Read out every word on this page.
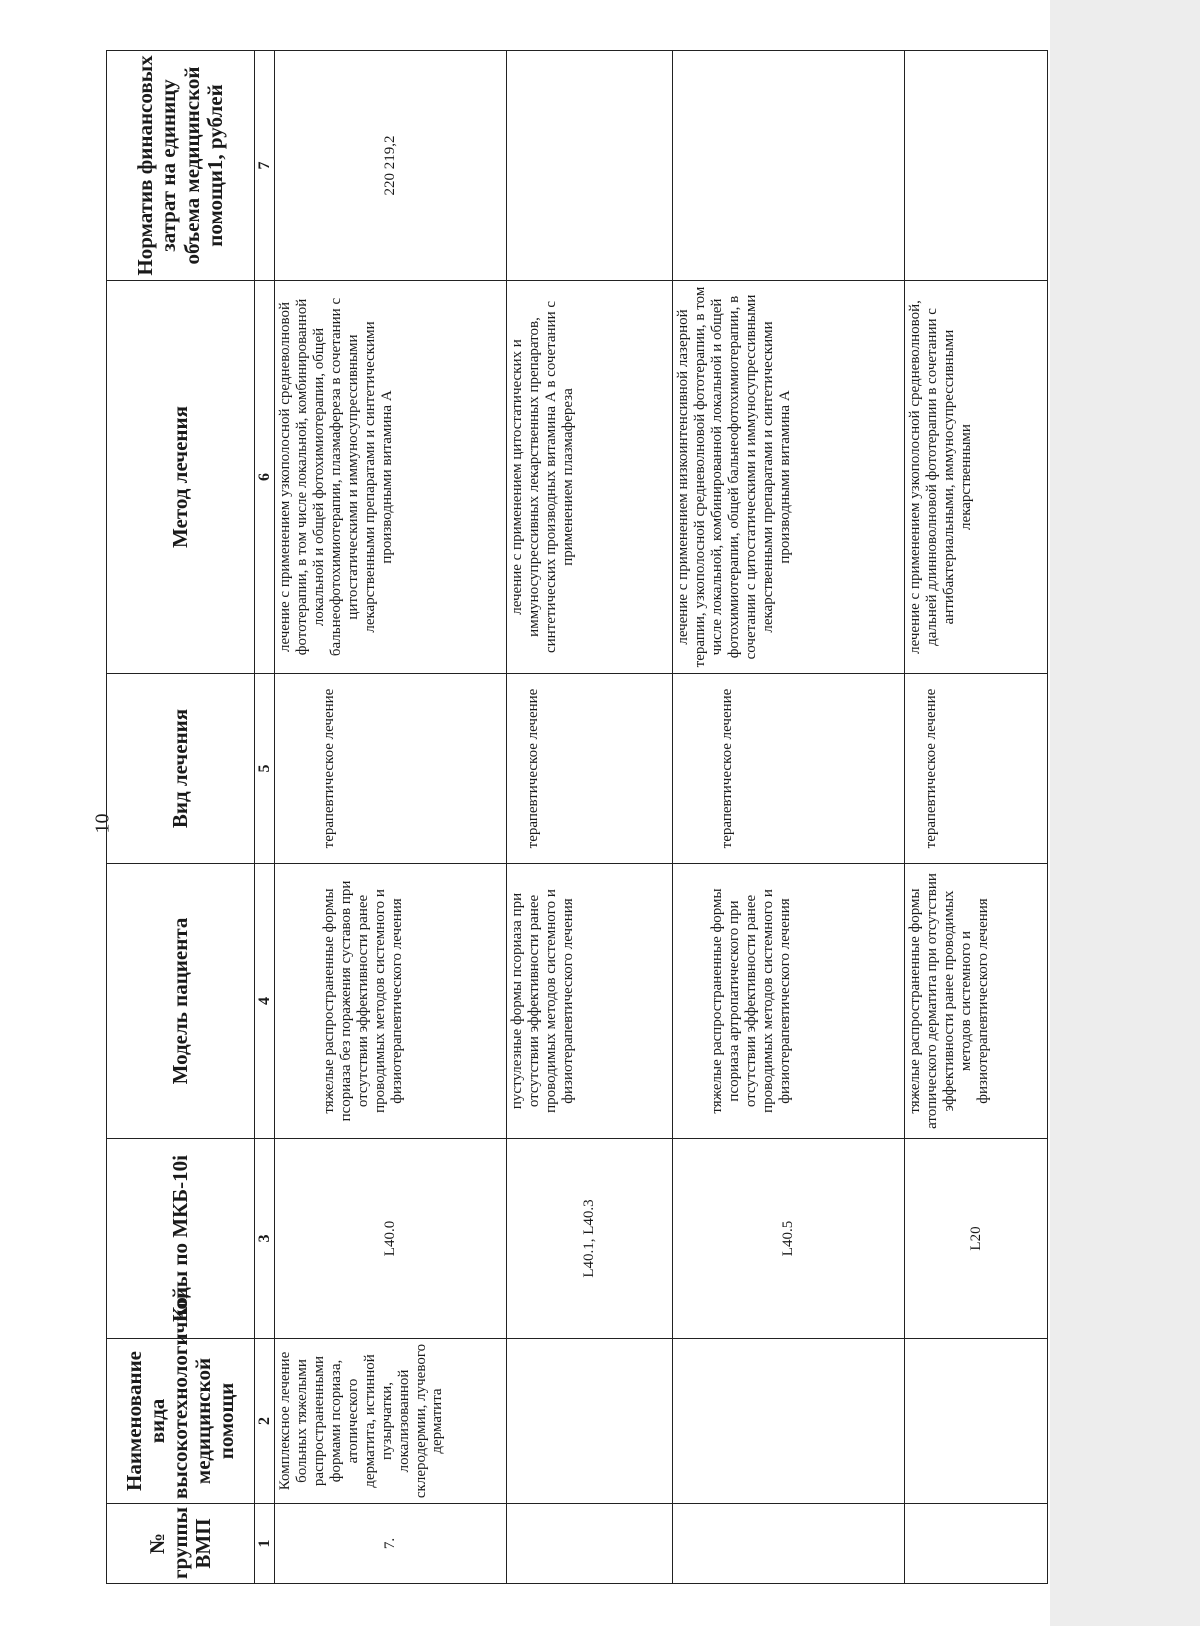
10
№ группы ВМП	Наименование вида высокотехнологичной медицинской помощи	Коды по МКБ-10i	Модель пациента	Вид лечения	Метод лечения	Норматив финансовых затрат на единицу объема медицинской помощи1, рублей
1	2	3	4	5	6	7
7.	Комплексное лечение больных тяжелыми распространенными формами псориаза, атопического дерматита, истинной пузырчатки, локализованной склеродермии, лучевого дерматита	L40.0	тяжелые распространенные формы псориаза без поражения суставов при отсутствии эффективности ранее проводимых методов системного и физиотерапевтического лечения	терапевтическое лечение	лечение с применением узкополосной средневолновой фототерапии, в том числе локальной, комбинированной локальной и общей фотохимиотерапии, общей бальнеофотохимиотерапии, плазмафереза в сочетании с цитостатическими и иммуносупрессивными лекарственными препаратами и синтетическими производными витамина А	220 219,2
		L40.1, L40.3	пустулезные формы псориаза при отсутствии эффективности ранее проводимых методов системного и физиотерапевтического лечения	терапевтическое лечение	лечение с применением цитостатических и иммуносупрессивных лекарственных препаратов, синтетических производных витамина А в сочетании с применением плазмафереза	
		L40.5	тяжелые распространенные формы псориаза артропатического при отсутствии эффективности ранее проводимых методов системного и физиотерапевтического лечения	терапевтическое лечение	лечение с применением низкоинтенсивной лазерной терапии, узкополосной средневолновой фототерапии, в том числе локальной, комбинированной локальной и общей фотохимиотерапии, общей бальнеофотохимиотерапии, в сочетании с цитостатическими и иммуносупрессивными лекарственными препаратами и синтетическими производными витамина А	
		L20	тяжелые распространенные формы атопического дерматита при отсутствии эффективности ранее проводимых методов системного и физиотерапевтического лечения	терапевтическое лечение	лечение с применением узкополосной средневолновой, дальней длинноволновой фототерапии в сочетании с антибактериальными, иммуносупрессивными лекарственными	
